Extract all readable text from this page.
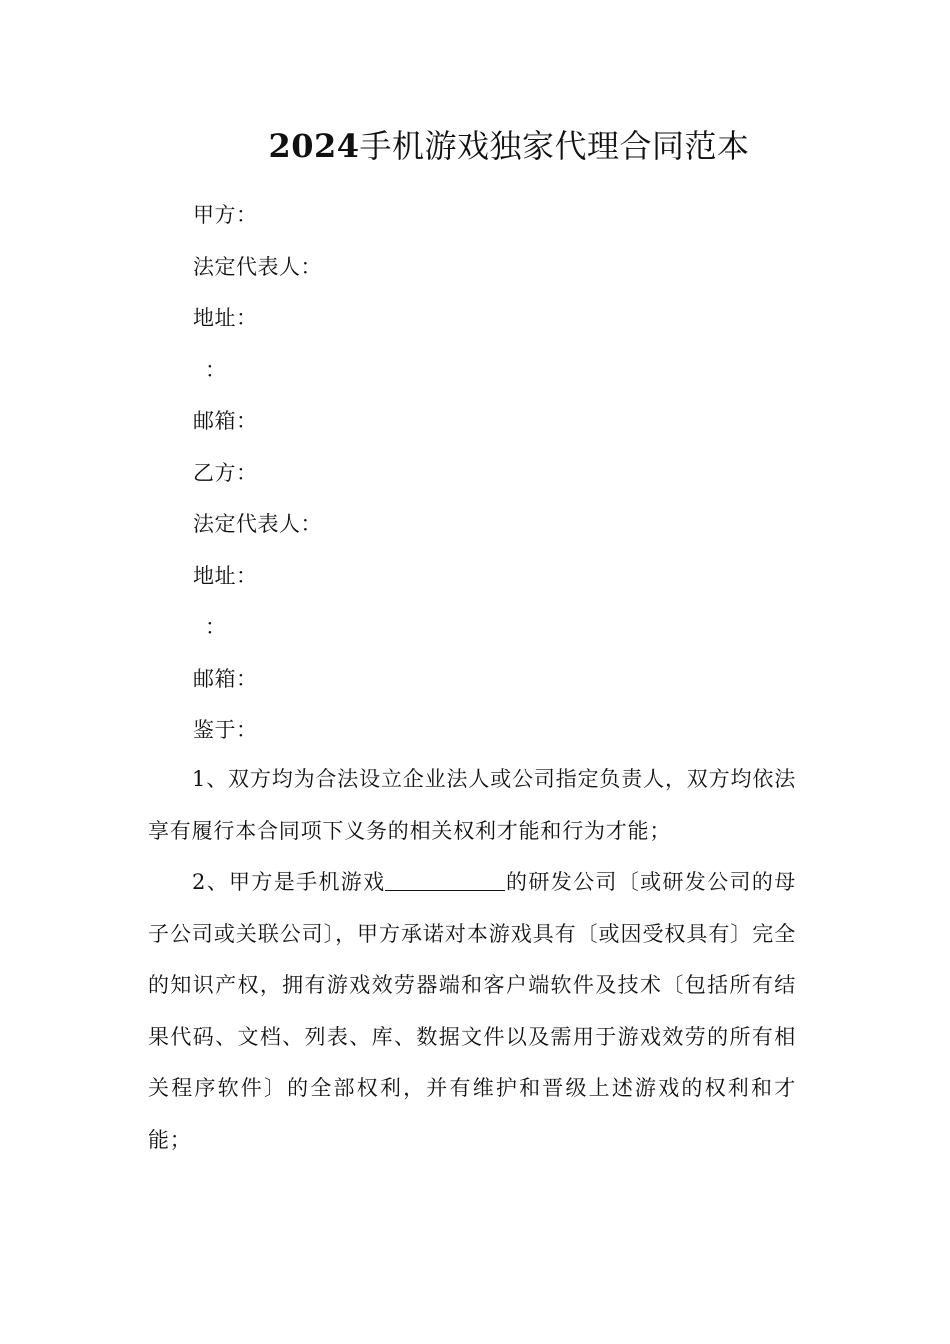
2024手机游戏独家代理合同范本
甲方：
法定代表人：
地址：
：
邮箱：
乙方：
法定代表人：
地址：
：
邮箱：
鉴于：
1、双方均为合法设立企业法人或公司指定负责人，双方均依法享有履行本合同项下义务的相关权利才能和行为才能；
2、甲方是手机游戏	的研发公司〔或研发公司的母子公司或关联公司〕，甲方承诺对本游戏具有〔或因受权具有〕完全的知识产权，拥有游戏效劳器端和客户端软件及技术〔包括所有结果代码、文档、列表、库、数据文件以及需用于游戏效劳的所有相关程序软件〕的全部权利，并有维护和晋级上述游戏的权利和才能；
